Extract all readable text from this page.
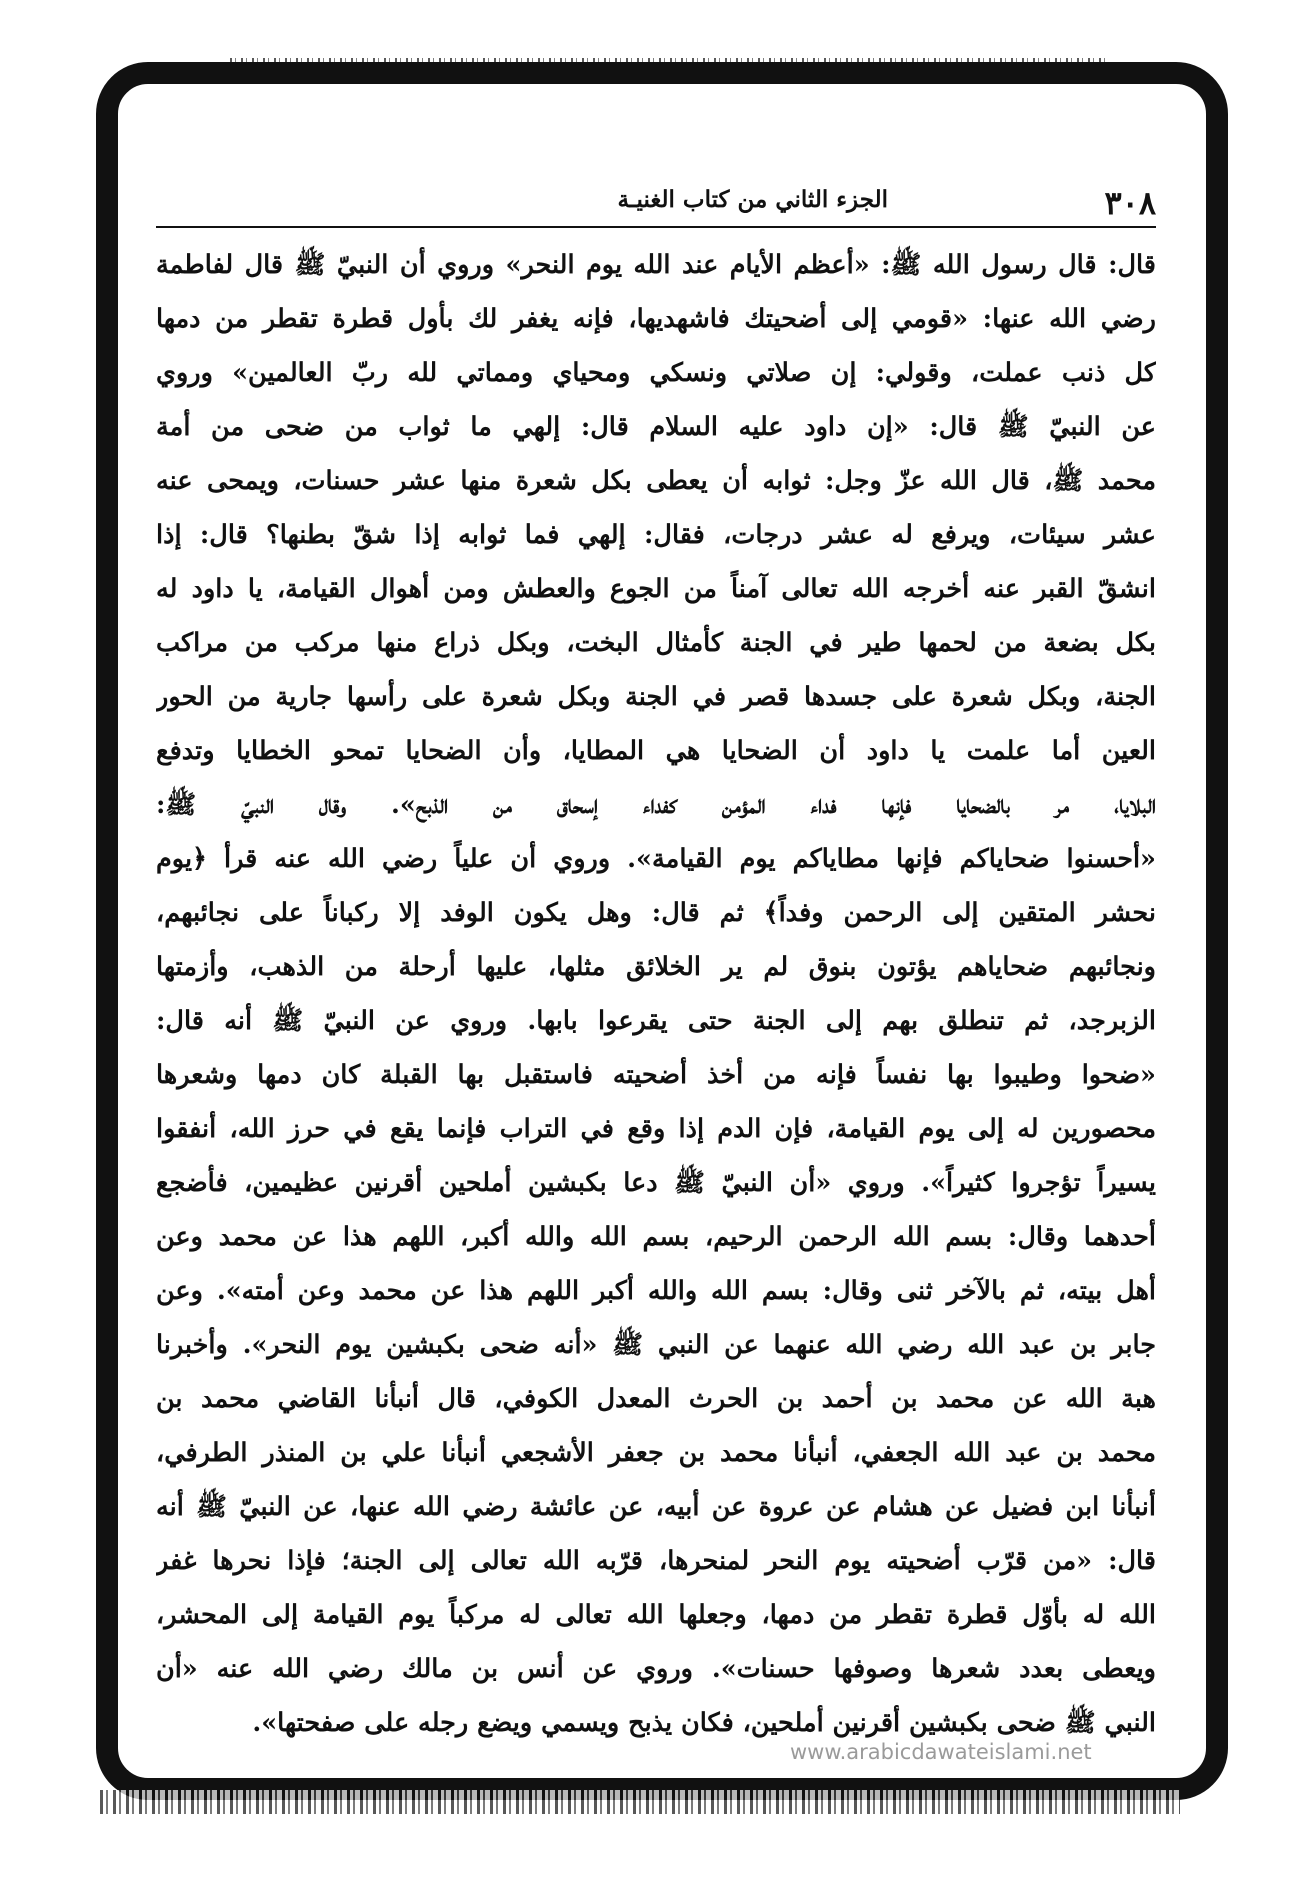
٣٠٨
الجزء الثاني من كتاب الغنيـة
قال: قال رسول الله ﷺ: «أعظم الأيام عند الله يوم النحر» وروي أن النبيّ ﷺ قال لفاطمة
رضي الله عنها: «قومي إلى أضحيتك فاشهديها، فإنه يغفر لك بأول قطرة تقطر من دمها
كل ذنب عملت، وقولي: إن صلاتي ونسكي ومحياي ومماتي لله ربّ العالمين» وروي
عن النبيّ ﷺ قال: «إن داود عليه السلام قال: إلهي ما ثواب من ضحى من أمة
محمد ﷺ، قال الله عزّ وجل: ثوابه أن يعطى بكل شعرة منها عشر حسنات، ويمحى عنه
عشر سيئات، ويرفع له عشر درجات، فقال: إلهي فما ثوابه إذا شقّ بطنها؟ قال: إذا
انشقّ القبر عنه أخرجه الله تعالى آمناً من الجوع والعطش ومن أهوال القيامة، يا داود له
بكل بضعة من لحمها طير في الجنة كأمثال البخت، وبكل ذراع منها مركب من مراكب
الجنة، وبكل شعرة على جسدها قصر في الجنة وبكل شعرة على رأسها جارية من الحور
العين أما علمت يا داود أن الضحايا هي المطايا، وأن الضحايا تمحو الخطايا وتدفع
البلايا، مر بالضحايا فإنها فداء المؤمن كفداء إسحاق من الذبح». وقال النبيّ ﷺ:
«أحسنوا ضحاياكم فإنها مطاياكم يوم القيامة». وروي أن علياً رضي الله عنه قرأ ﴿يوم
نحشر المتقين إلى الرحمن وفداً﴾ ثم قال: وهل يكون الوفد إلا ركباناً على نجائبهم،
ونجائبهم ضحاياهم يؤتون بنوق لم ير الخلائق مثلها، عليها أرحلة من الذهب، وأزمتها
الزبرجد، ثم تنطلق بهم إلى الجنة حتى يقرعوا بابها. وروي عن النبيّ ﷺ أنه قال:
«ضحوا وطيبوا بها نفساً فإنه من أخذ أضحيته فاستقبل بها القبلة كان دمها وشعرها
محصورين له إلى يوم القيامة، فإن الدم إذا وقع في التراب فإنما يقع في حرز الله، أنفقوا
يسيراً تؤجروا كثيراً». وروي «أن النبيّ ﷺ دعا بكبشين أملحين أقرنين عظيمين، فأضجع
أحدهما وقال: بسم الله الرحمن الرحيم، بسم الله والله أكبر، اللهم هذا عن محمد وعن
أهل بيته، ثم بالآخر ثنى وقال: بسم الله والله أكبر اللهم هذا عن محمد وعن أمته». وعن
جابر بن عبد الله رضي الله عنهما عن النبي ﷺ «أنه ضحى بكبشين يوم النحر». وأخبرنا
هبة الله عن محمد بن أحمد بن الحرث المعدل الكوفي، قال أنبأنا القاضي محمد بن
محمد بن عبد الله الجعفي، أنبأنا محمد بن جعفر الأشجعي أنبأنا علي بن المنذر الطرفي،
أنبأنا ابن فضيل عن هشام عن عروة عن أبيه، عن عائشة رضي الله عنها، عن النبيّ ﷺ أنه
قال: «من قرّب أضحيته يوم النحر لمنحرها، قرّبه الله تعالى إلى الجنة؛ فإذا نحرها غفر
الله له بأوّل قطرة تقطر من دمها، وجعلها الله تعالى له مركباً يوم القيامة إلى المحشر،
ويعطى بعدد شعرها وصوفها حسنات». وروي عن أنس بن مالك رضي الله عنه «أن
النبي ﷺ ضحى بكبشين أقرنين أملحين، فكان يذبح ويسمي ويضع رجله على صفحتها».
www.arabicdawateislami.net
